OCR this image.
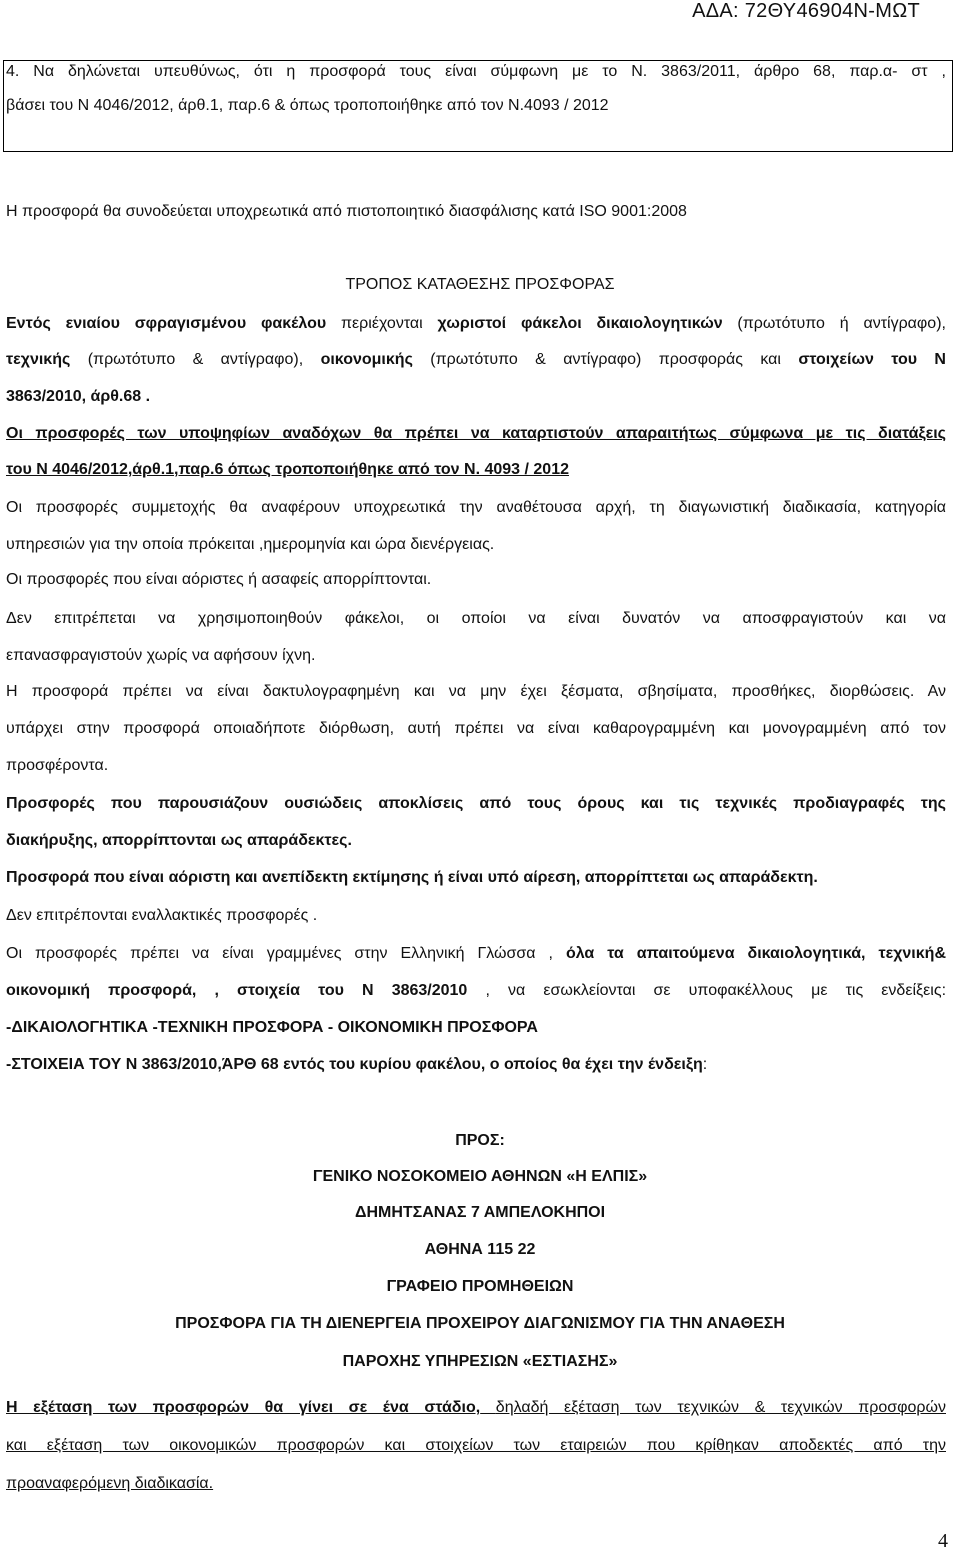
ΑΔΑ: 72ΘΥ46904Ν-ΜΩΤ
4. Να δηλώνεται υπευθύνως, ότι η προσφορά τους είναι σύμφωνη με το Ν. 3863/2011, άρθρο 68, παρ.α- στ ,
βάσει του Ν 4046/2012, άρθ.1, παρ.6 & όπως τροποποιήθηκε από τον Ν.4093 / 2012
Η προσφορά θα συνοδεύεται υποχρεωτικά από πιστοποιητικό διασφάλισης κατά ISO 9001:2008
ΤΡΟΠΟΣ ΚΑΤΑΘΕΣΗΣ ΠΡΟΣΦΟΡΑΣ
Εντός ενιαίου σφραγισμένου φακέλου περιέχονται χωριστοί φάκελοι δικαιολογητικών (πρωτότυπο ή αντίγραφο),
τεχνικής (πρωτότυπο & αντίγραφο), οικονομικής (πρωτότυπο & αντίγραφο) προσφοράς και στοιχείων του Ν
3863/2010, άρθ.68 .
Οι προσφορές των υποψηφίων αναδόχων θα πρέπει να καταρτιστούν απαραιτήτως σύμφωνα με τις διατάξεις
του Ν 4046/2012,άρθ.1,παρ.6 όπως τροποποιήθηκε από τον Ν. 4093 / 2012
Οι προσφορές συμμετοχής θα αναφέρουν υποχρεωτικά την αναθέτουσα αρχή, τη διαγωνιστική διαδικασία, κατηγορία
υπηρεσιών για την οποία πρόκειται ,ημερομηνία και ώρα διενέργειας.
Οι προσφορές που είναι αόριστες ή ασαφείς απορρίπτονται.
Δεν επιτρέπεται να χρησιμοποιηθούν φάκελοι, οι οποίοι να είναι δυνατόν να αποσφραγιστούν και να
επανασφραγιστούν χωρίς να αφήσουν ίχνη.
Η προσφορά πρέπει να είναι δακτυλογραφημένη και να μην έχει ξέσματα, σβησίματα, προσθήκες, διορθώσεις. Αν
υπάρχει στην προσφορά οποιαδήποτε διόρθωση, αυτή πρέπει να είναι καθαρογραμμένη και μονογραμμένη από τον
προσφέροντα.
Προσφορές που παρουσιάζουν ουσιώδεις αποκλίσεις από τους όρους και τις τεχνικές προδιαγραφές της
διακήρυξης, απορρίπτονται ως απαράδεκτες.
Προσφορά που είναι αόριστη και ανεπίδεκτη εκτίμησης ή είναι υπό αίρεση, απορρίπτεται ως απαράδεκτη.
Δεν επιτρέπονται εναλλακτικές προσφορές .
Οι προσφορές πρέπει να είναι γραμμένες στην Ελληνική Γλώσσα , όλα τα απαιτούμενα δικαιολογητικά, τεχνική&
οικονομική προσφορά, , στοιχεία του Ν 3863/2010 , να εσωκλείονται σε υποφακέλλους με τις ενδείξεις:
-ΔΙΚΑΙΟΛΟΓΗΤΙΚΑ -ΤΕΧΝΙΚΗ ΠΡΟΣΦΟΡΑ - ΟΙΚΟΝΟΜΙΚΗ ΠΡΟΣΦΟΡΑ
-ΣΤΟΙΧΕΙΑ ΤΟΥ Ν 3863/2010,ΆΡΘ 68 εντός του κυρίου φακέλου, ο οποίος θα έχει την ένδειξη:
ΠΡΟΣ:
ΓΕΝΙΚΟ ΝΟΣΟΚΟΜΕΙΟ ΑΘΗΝΩΝ «Η ΕΛΠΙΣ»
ΔΗΜΗΤΣΑΝΑΣ 7 ΑΜΠΕΛΟΚΗΠΟΙ
ΑΘΗΝΑ 115 22
ΓΡΑΦΕΙΟ ΠΡΟΜΗΘΕΙΩΝ
ΠΡΟΣΦΟΡΑ ΓΙΑ ΤΗ ΔΙΕΝΕΡΓΕΙΑ ΠΡΟΧΕΙΡΟΥ ΔΙΑΓΩΝΙΣΜΟΥ ΓΙΑ ΤΗΝ ΑΝΑΘΕΣΗ
ΠΑΡΟΧΗΣ ΥΠΗΡΕΣΙΩΝ «ΕΣΤΙΑΣΗΣ»
Η εξέταση των προσφορών θα γίνει σε ένα στάδιο, δηλαδή εξέταση των τεχνικών & τεχνικών προσφορών
και εξέταση των οικονομικών προσφορών και στοιχείων των εταιρειών που κρίθηκαν αποδεκτές από την
προαναφερόμενη διαδικασία.
4
